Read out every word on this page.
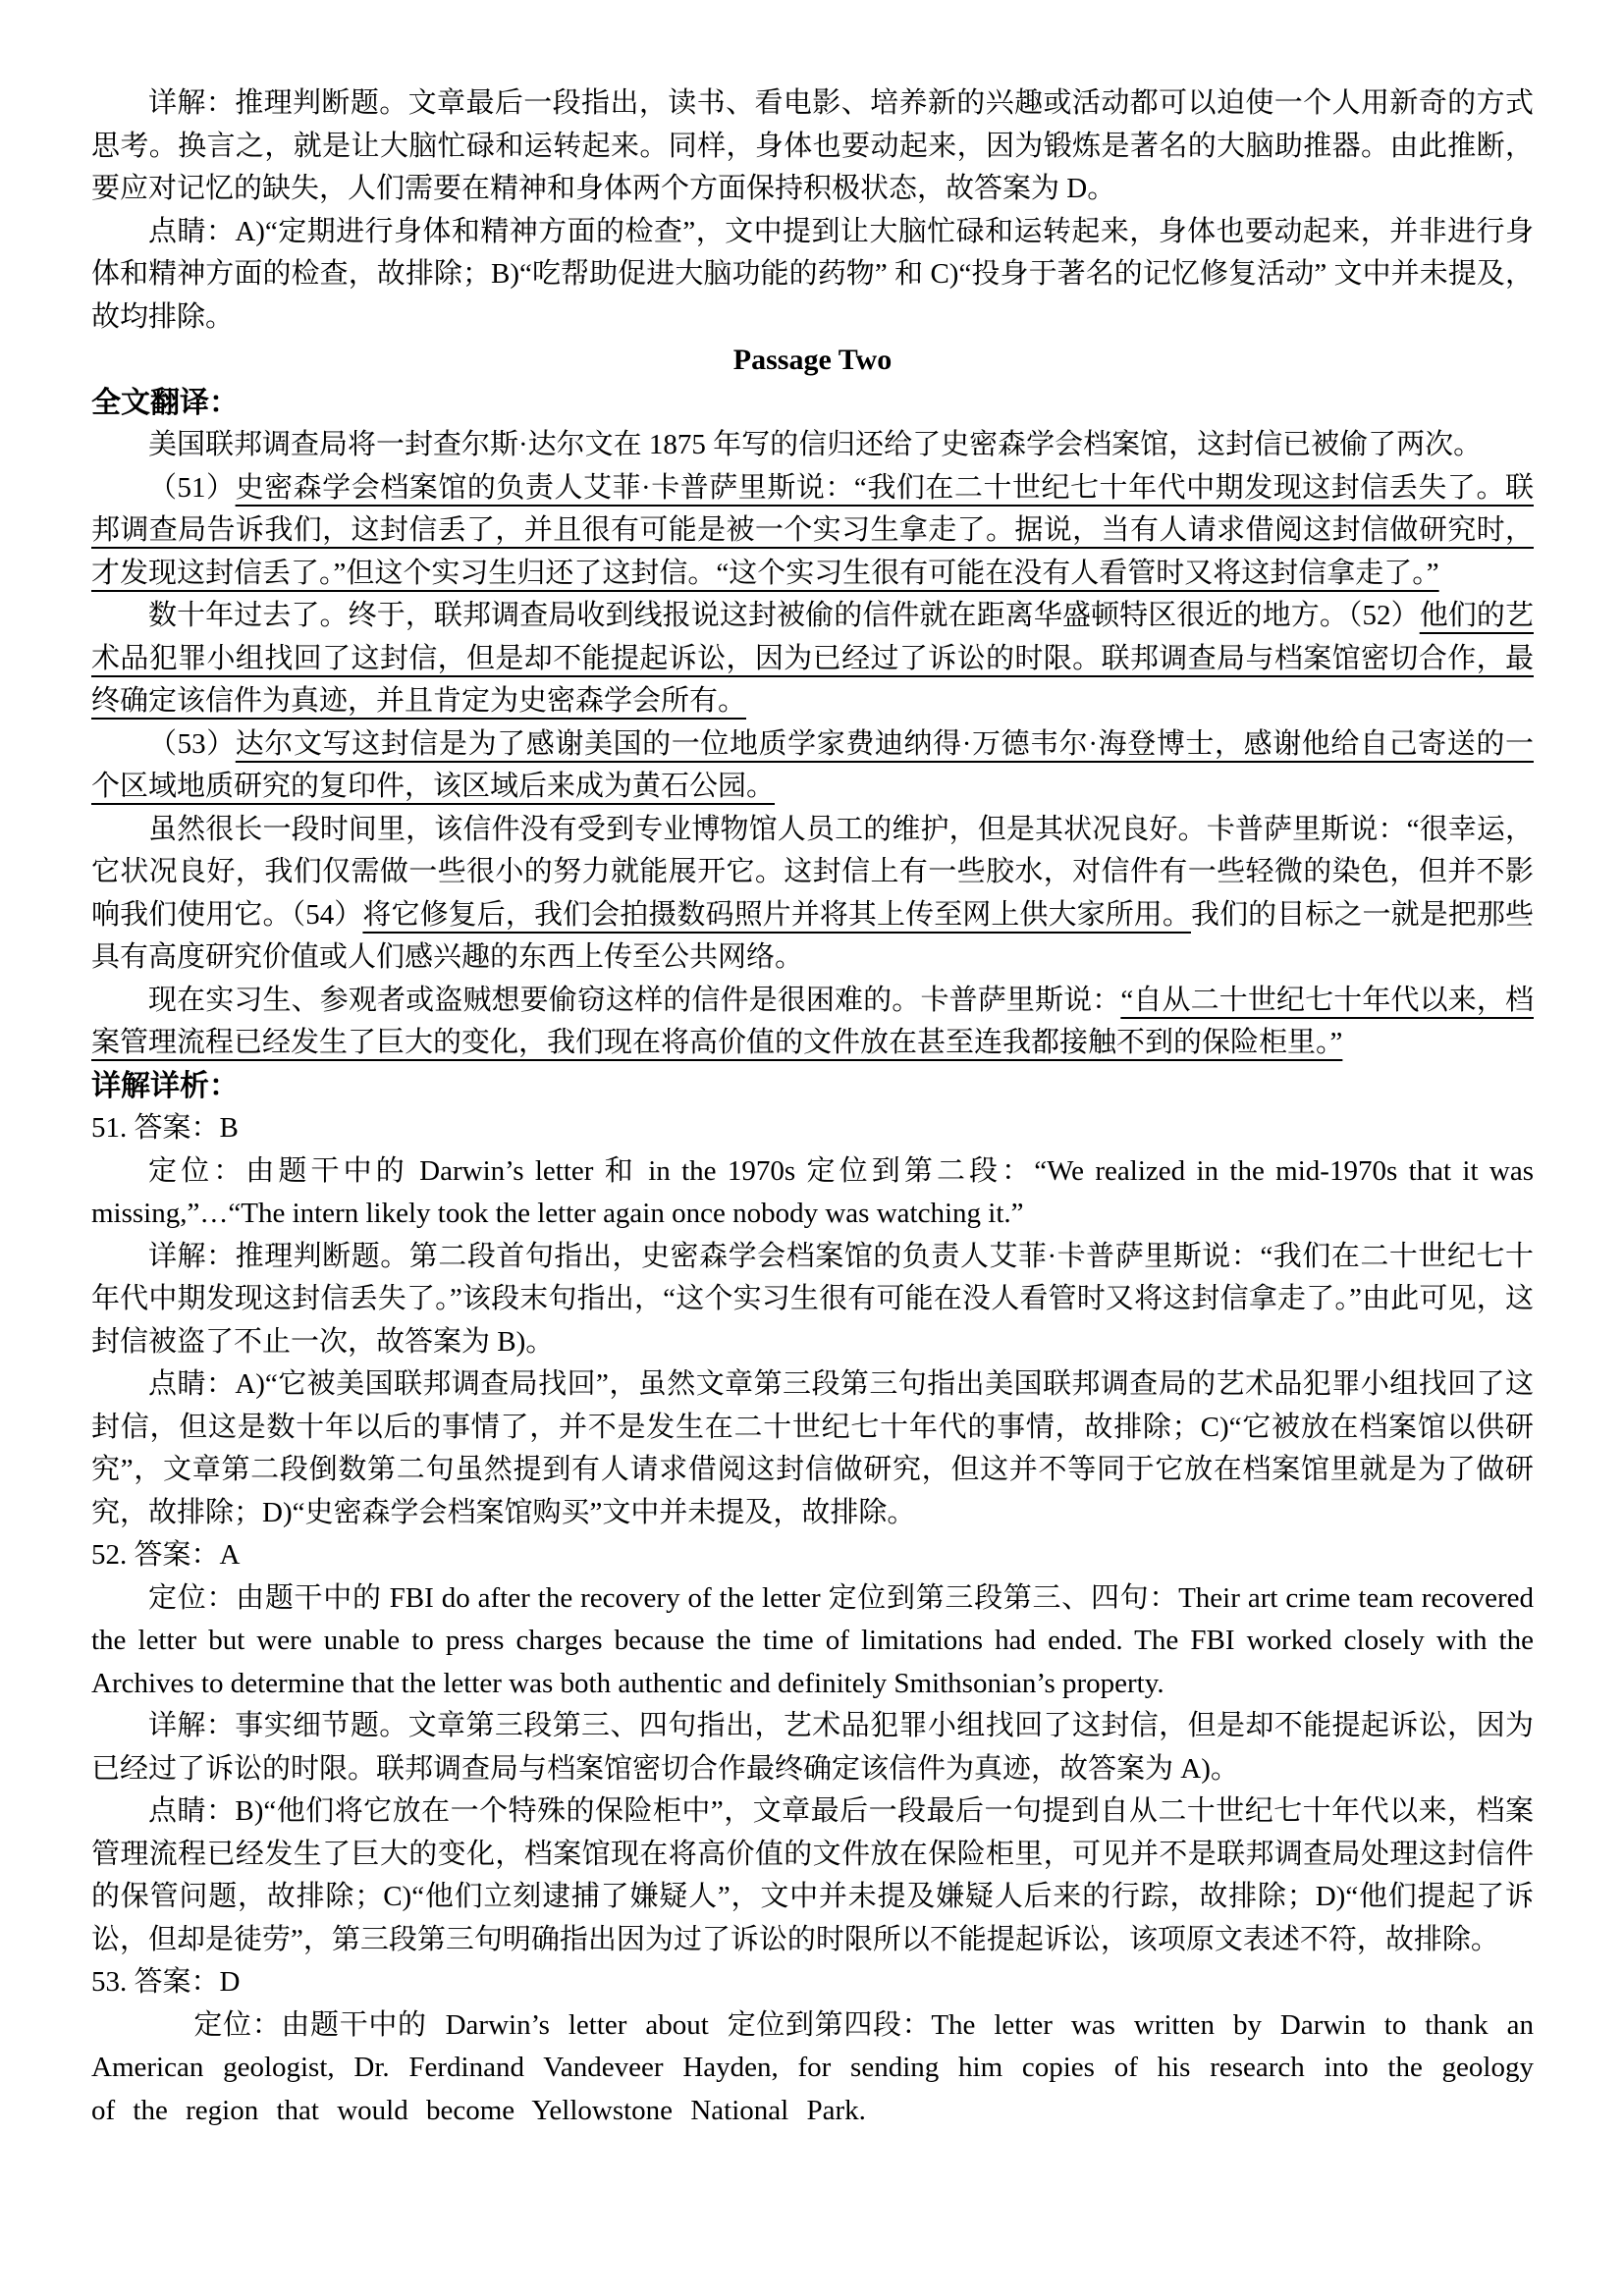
详解：推理判断题。文章最后一段指出，读书、看电影、培养新的兴趣或活动都可以迫使一个人用新奇的方式思考。换言之，就是让大脑忙碌和运转起来。同样，身体也要动起来，因为锻炼是著名的大脑助推器。由此推断，要应对记忆的缺失，人们需要在精神和身体两个方面保持积极状态，故答案为 D。

点睛：A)“定期进行身体和精神方面的检查”，文中提到让大脑忙碌和运转起来，身体也要动起来，并非进行身体和精神方面的检查，故排除；B)“吃帮助促进大脑功能的药物” 和 C)“投身于著名的记忆修复活动” 文中并未提及，故均排除。

Passage Two
全文翻译：

美国联邦调查局将一封查尔斯·达尔文在 1875 年写的信归还给了史密森学会档案馆，这封信已被偷了两次。

（51）史密森学会档案馆的负责人艾菲·卡普萨里斯说：“我们在二十世纪七十年代中期发现这封信丢失了。联邦调查局告诉我们，这封信丢了，并且很有可能是被一个实习生拿走了。据说，当有人请求借阅这封信做研究时，才发现这封信丢了。”但这个实习生归还了这封信。“这个实习生很有可能在没有人看管时又将这封信拿走了。”

数十年过去了。终于，联邦调查局收到线报说这封被偷的信件就在距离华盛顿特区很近的地方。（52）他们的艺术品犯罪小组找回了这封信，但是却不能提起诉讼，因为已经过了诉讼的时限。联邦调查局与档案馆密切合作，最终确定该信件为真迹，并且肯定为史密森学会所有。

（53）达尔文写这封信是为了感谢美国的一位地质学家费迪纳得·万德韦尔·海登博士，感谢他给自己寄送的一个区域地质研究的复印件，该区域后来成为黄石公园。

虽然很长一段时间里，该信件没有受到专业博物馆人员工的维护，但是其状况良好。卡普萨里斯说：“很幸运，它状况良好，我们仅需做一些很小的努力就能展开它。这封信上有一些胶水，对信件有一些轻微的染色，但并不影响我们使用它。（54）将它修复后，我们会拍摄数码照片并将其上传至网上供大家所用。我们的目标之一就是把那些具有高度研究价值或人们感兴趣的东西上传至公共网络。

现在实习生、参观者或盗贼想要偷窃这样的信件是很困难的。卡普萨里斯说：“自从二十世纪七十年代以来，档案管理流程已经发生了巨大的变化，我们现在将高价值的文件放在甚至连我都接触不到的保险柜里。”

详解详析：

51. 答案：B

定位：由题干中的 Darwin’s letter 和 in the 1970s 定位到第二段：“We realized in the mid-1970s that it was missing,”…“The intern likely took the letter again once nobody was watching it.”

详解：推理判断题。第二段首句指出，史密森学会档案馆的负责人艾菲·卡普萨里斯说：“我们在二十世纪七十年代中期发现这封信丢失了。”该段末句指出，“这个实习生很有可能在没人看管时又将这封信拿走了。”由此可见，这封信被盗了不止一次，故答案为 B)。

点睛：A)“它被美国联邦调查局找回”，虽然文章第三段第三句指出美国联邦调查局的艺术品犯罪小组找回了这封信，但这是数十年以后的事情了，并不是发生在二十世纪七十年代的事情，故排除；C)“它被放在档案馆以供研究”，文章第二段倒数第二句虽然提到有人请求借阅这封信做研究，但这并不等同于它放在档案馆里就是为了做研究，故排除；D)“史密森学会档案馆购买”文中并未提及，故排除。

52. 答案：A

定位：由题干中的 FBI do after the recovery of the letter 定位到第三段第三、四句：Their art crime team recovered the letter but were unable to press charges because the time of limitations had ended. The FBI worked closely with the Archives to determine that the letter was both authentic and definitely Smithsonian’s property.

详解：事实细节题。文章第三段第三、四句指出，艺术品犯罪小组找回了这封信，但是却不能提起诉讼，因为已经过了诉讼的时限。联邦调查局与档案馆密切合作最终确定该信件为真迹，故答案为 A)。

点睛：B)“他们将它放在一个特殊的保险柜中”，文章最后一段最后一句提到自从二十世纪七十年代以来，档案管理流程已经发生了巨大的变化，档案馆现在将高价值的文件放在保险柜里，可见并不是联邦调查局处理这封信件的保管问题，故排除；C)“他们立刻逮捕了嫌疑人”，文中并未提及嫌疑人后来的行踪，故排除；D)“他们提起了诉讼，但却是徒劳”，第三段第三句明确指出因为过了诉讼的时限所以不能提起诉讼，该项原文表述不符，故排除。

53. 答案：D

定位：由题干中的 Darwin’s letter about 定位到第四段：The letter was written by Darwin to thank an American geologist, Dr. Ferdinand Vandeveer Hayden, for sending him copies of his research into the geology of the region that would become Yellowstone National Park.
